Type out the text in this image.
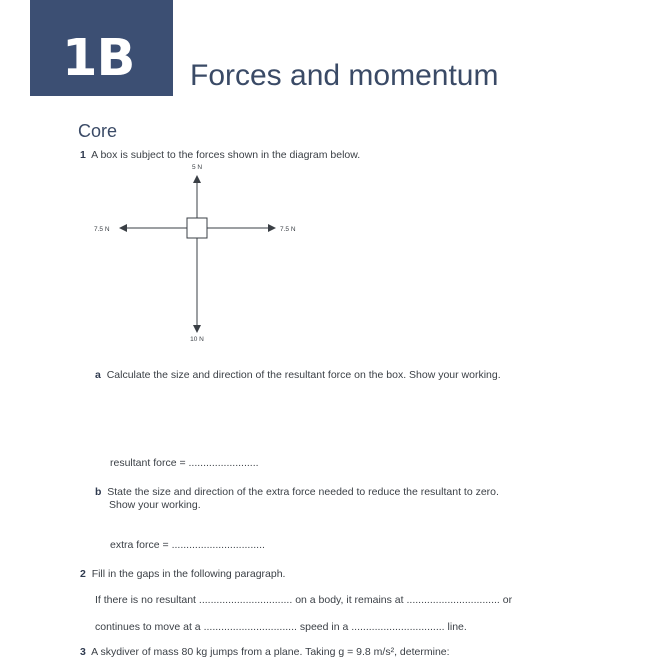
1B Forces and momentum
Core
1 A box is subject to the forces shown in the diagram below.
5 N
10 N
7.5 N	7.5 N
a Calculate the size and direction of the resultant force on the box. Show your working.
resultant force = ........................
b State the size and direction of the extra force needed to reduce the resultant to zero.
Show your working.
extra force = ................................
2 Fill in the gaps in the following paragraph.
If there is no resultant ................................ on a body, it remains at ................................ or
continues to move at a ................................ speed in a ................................ line.
3 A skydiver of mass 80 kg jumps from a plane. Taking g = 9.8 m/s², determine:
